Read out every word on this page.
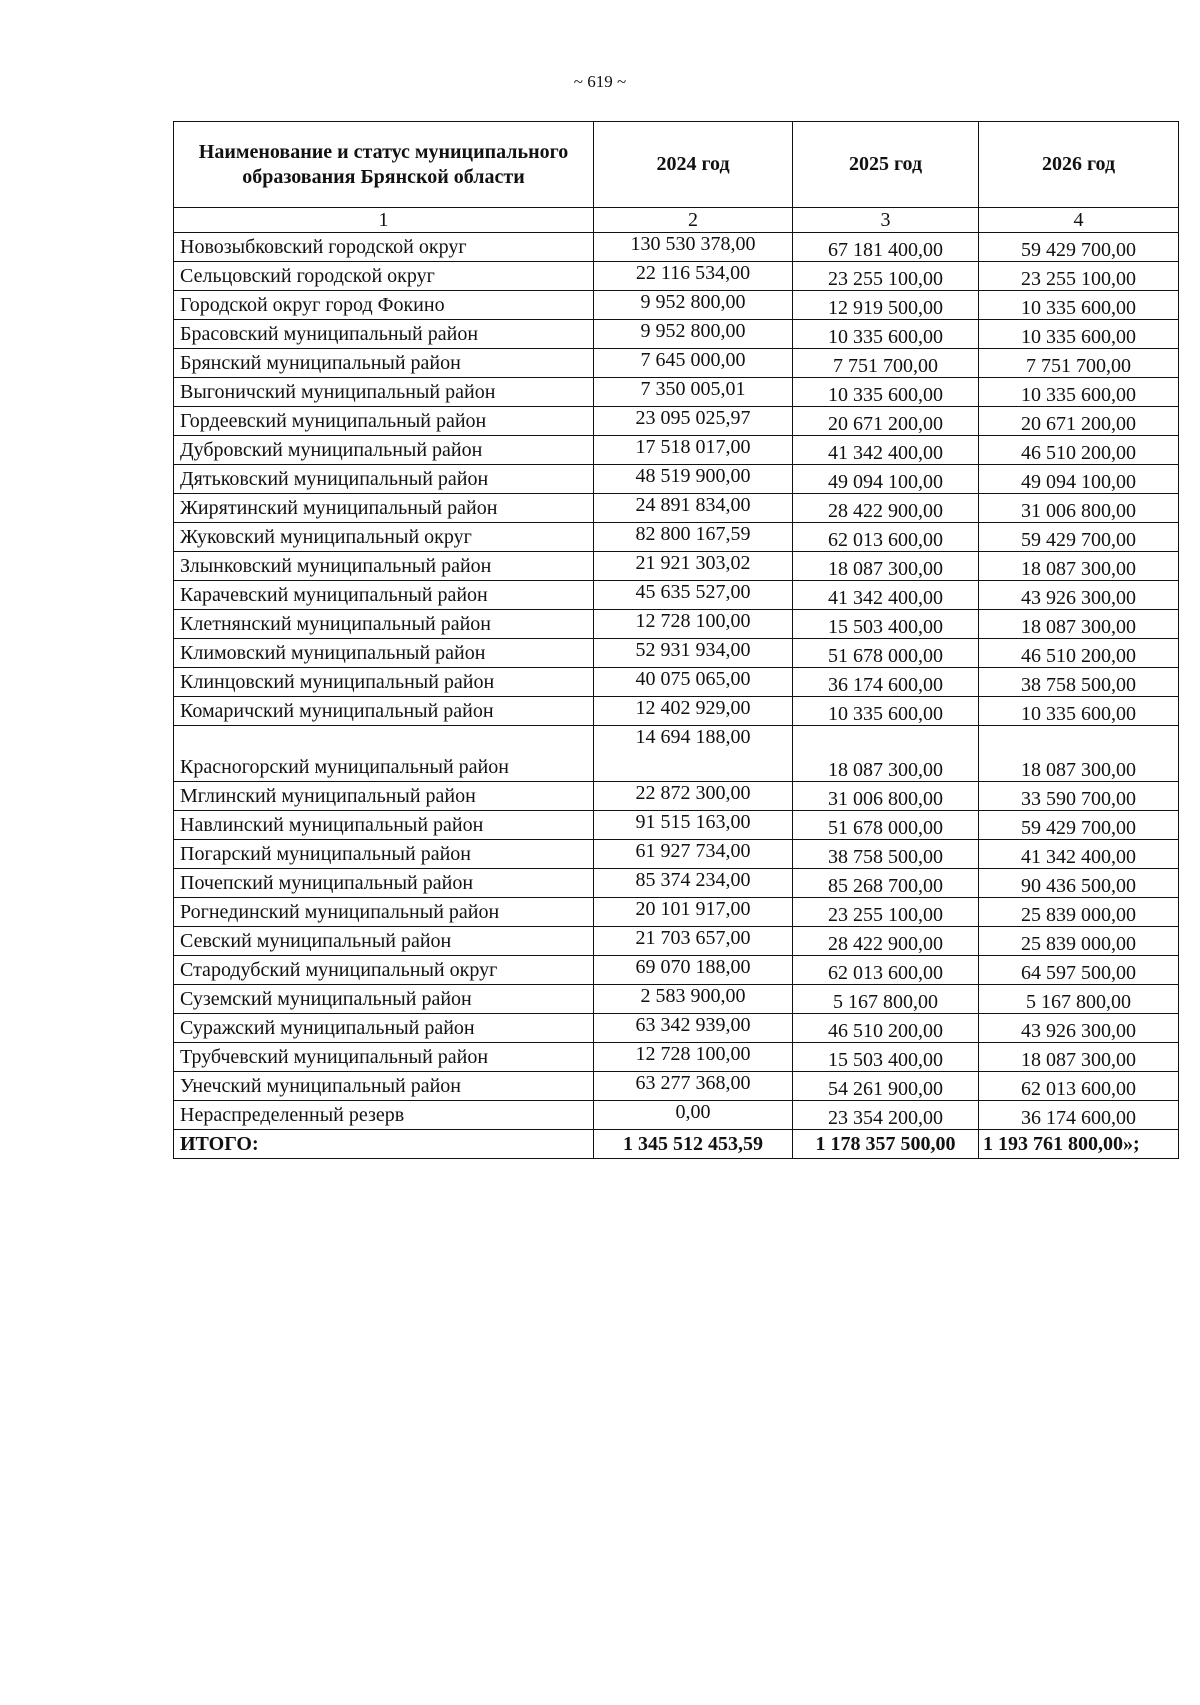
~ 619 ~
Наименование и статус муниципального образования Брянской области	2024 год	2025 год	2026 год
1	2	3	4
Новозыбковский городской округ	130 530 378,00	67 181 400,00	59 429 700,00
Сельцовский городской округ	22 116 534,00	23 255 100,00	23 255 100,00
Городской округ город Фокино	9 952 800,00	12 919 500,00	10 335 600,00
Брасовский муниципальный район	9 952 800,00	10 335 600,00	10 335 600,00
Брянский муниципальный район	7 645 000,00	7 751 700,00	7 751 700,00
Выгоничский муниципальный район	7 350 005,01	10 335 600,00	10 335 600,00
Гордеевский муниципальный район	23 095 025,97	20 671 200,00	20 671 200,00
Дубровский муниципальный район	17 518 017,00	41 342 400,00	46 510 200,00
Дятьковский муниципальный район	48 519 900,00	49 094 100,00	49 094 100,00
Жирятинский муниципальный район	24 891 834,00	28 422 900,00	31 006 800,00
Жуковский муниципальный округ	82 800 167,59	62 013 600,00	59 429 700,00
Злынковский муниципальный район	21 921 303,02	18 087 300,00	18 087 300,00
Карачевский муниципальный район	45 635 527,00	41 342 400,00	43 926 300,00
Клетнянский муниципальный район	12 728 100,00	15 503 400,00	18 087 300,00
Климовский муниципальный район	52 931 934,00	51 678 000,00	46 510 200,00
Клинцовский муниципальный район	40 075 065,00	36 174 600,00	38 758 500,00
Комаричский муниципальный район	12 402 929,00	10 335 600,00	10 335 600,00
Красногорский муниципальный район	14 694 188,00	18 087 300,00	18 087 300,00
Мглинский муниципальный район	22 872 300,00	31 006 800,00	33 590 700,00
Навлинский муниципальный район	91 515 163,00	51 678 000,00	59 429 700,00
Погарский муниципальный район	61 927 734,00	38 758 500,00	41 342 400,00
Почепский муниципальный район	85 374 234,00	85 268 700,00	90 436 500,00
Рогнединский муниципальный район	20 101 917,00	23 255 100,00	25 839 000,00
Севский муниципальный район	21 703 657,00	28 422 900,00	25 839 000,00
Стародубский муниципальный округ	69 070 188,00	62 013 600,00	64 597 500,00
Суземский муниципальный район	2 583 900,00	5 167 800,00	5 167 800,00
Суражский муниципальный район	63 342 939,00	46 510 200,00	43 926 300,00
Трубчевский муниципальный район	12 728 100,00	15 503 400,00	18 087 300,00
Унечский муниципальный район	63 277 368,00	54 261 900,00	62 013 600,00
Нераспределенный резерв	0,00	23 354 200,00	36 174 600,00
ИТОГО:	1 345 512 453,59	1 178 357 500,00	1 193 761 800,00»;
